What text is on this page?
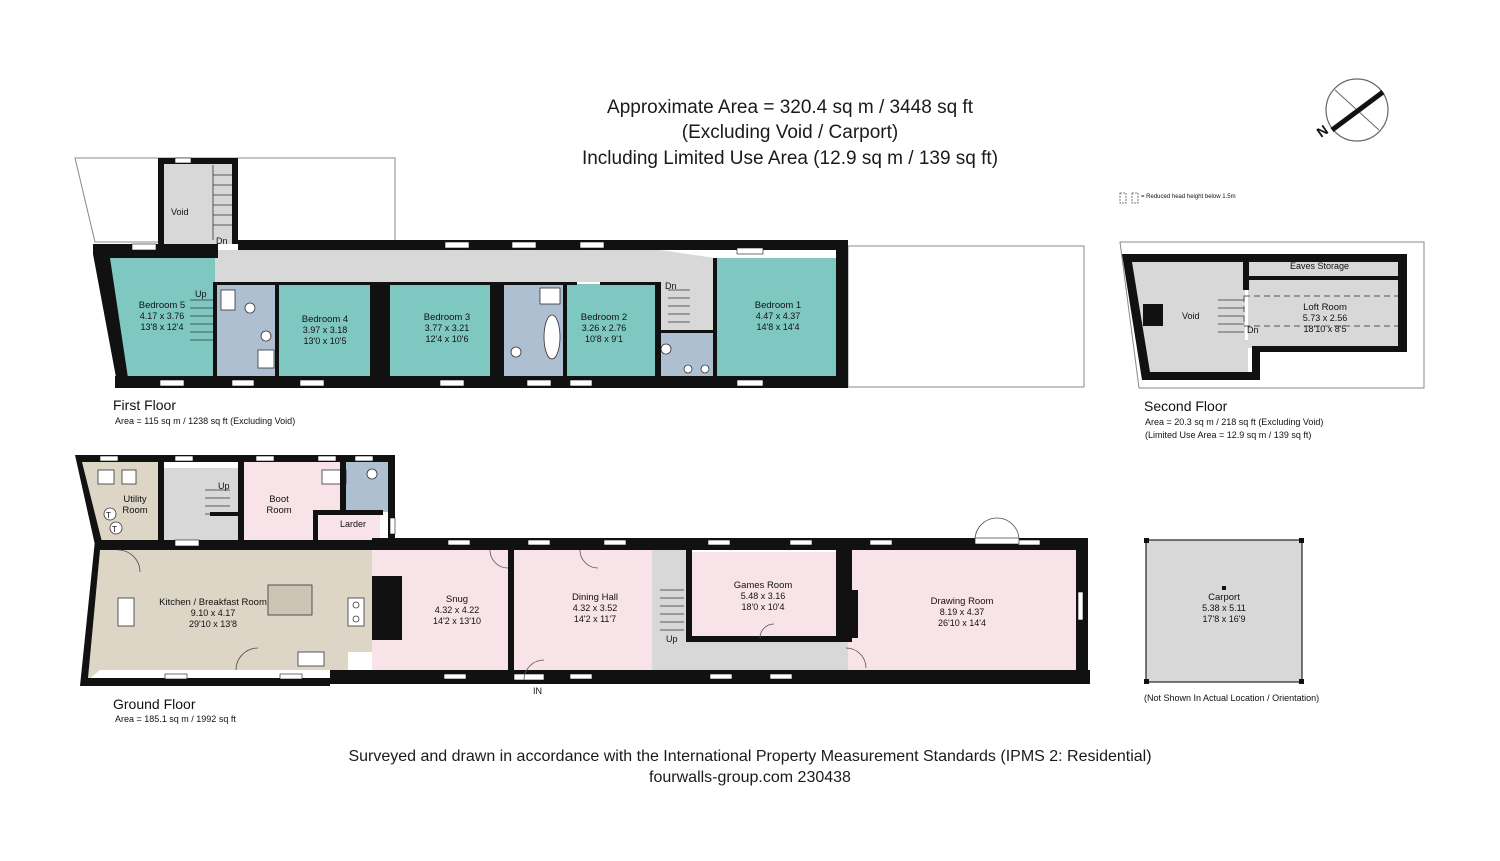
N
T
T
Approximate Area = 320.4 sq m / 3448 sq ft
(Excluding Void / Carport)
Including Limited Use Area (12.9 sq m / 139 sq ft)
= Reduced head height below 1.5m
Void
Dn
Up
Dn
Bedroom 5
4.17 x 3.76
13'8 x 12'4
Bedroom 4
3.97 x 3.18
13'0 x 10'5
Bedroom 3
3.77 x 3.21
12'4 x 10'6
Bedroom 2
3.26 x 2.76
10'8 x 9'1
Bedroom 1
4.47 x 4.37
14'8 x 14'4
First Floor
Area = 115 sq m / 1238 sq ft (Excluding Void)
Void
Eaves Storage
Dn
Loft Room
5.73 x 2.56
18'10 x 8'5
Second Floor
Area = 20.3 sq m / 218 sq ft (Excluding Void)
(Limited Use Area = 12.9 sq m / 139 sq ft)
Utility
Room
Up
Boot
Room
Larder
Kitchen / Breakfast Room
9.10 x 4.17
29'10 x 13'8
Snug
4.32 x 4.22
14'2 x 13'10
Dining Hall
4.32 x 3.52
14'2 x 11'7
Up
Games Room
5.48 x 3.16
18'0 x 10'4	Drawing Room
8.19 x 4.37
26'10 x 14'4
IN
Ground Floor
Area = 185.1 sq m / 1992 sq ft
Carport
5.38 x 5.11
17'8 x 16'9
(Not Shown In Actual Location / Orientation)
Surveyed and drawn in accordance with the International Property Measurement Standards (IPMS 2: Residential)
fourwalls-group.com 230438
